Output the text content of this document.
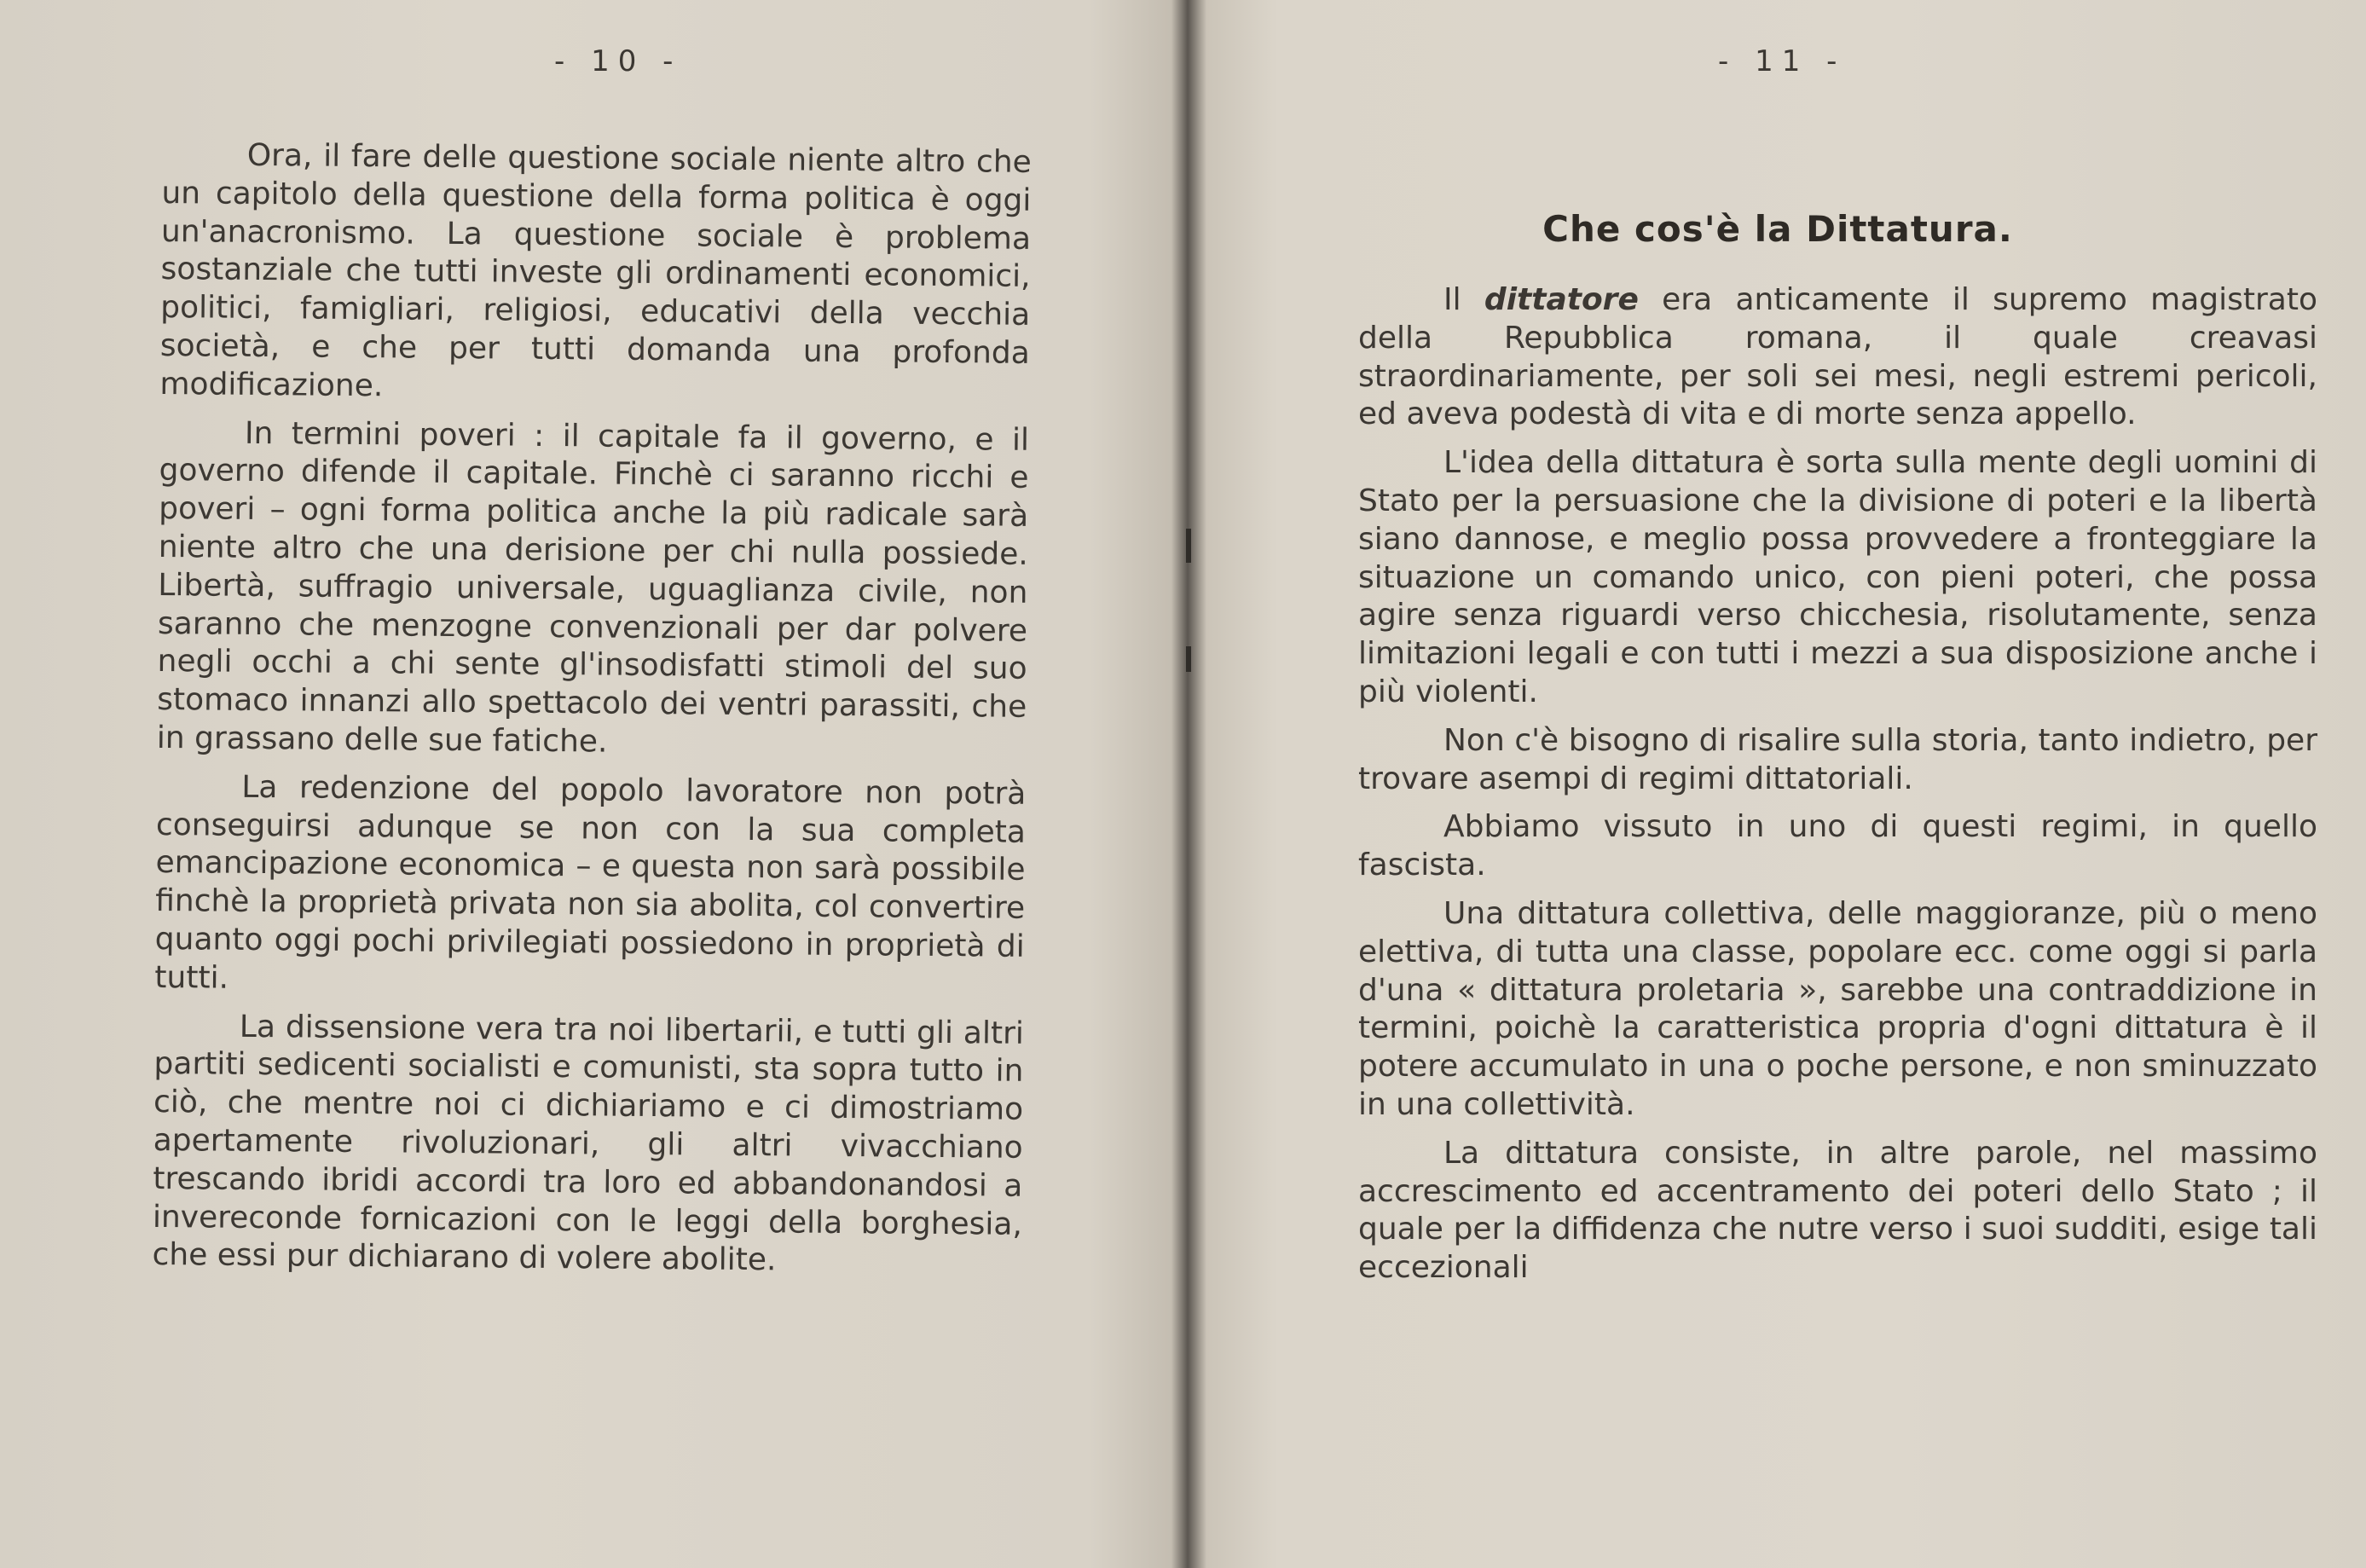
- 10 -

Ora, il fare delle questione sociale niente altro che un capitolo della questione della forma politica è oggi un'anacronismo. La questione sociale è problema sostanziale che tutti investe gli ordinamenti economici, politici, famigliari, religiosi, educativi della vecchia società, e che per tutti domanda una profonda modificazione.

In termini poveri : il capitale fa il governo, e il governo difende il capitale. Finchè ci saranno ricchi e poveri – ogni forma politica anche la più radicale sarà niente altro che una derisione per chi nulla possiede. Libertà, suffragio universale, uguaglianza civile, non saranno che menzogne convenzionali per dar polvere negli occhi a chi sente gl'insodisfatti stimoli del suo stomaco innanzi allo spettacolo dei ventri parassiti, che in grassano delle sue fatiche.

La redenzione del popolo lavoratore non potrà conseguirsi adunque se non con la sua completa emancipazione economica – e questa non sarà possibile finchè la proprietà privata non sia abolita, col convertire quanto oggi pochi privilegiati possiedono in proprietà di tutti.

La dissensione vera tra noi libertarii, e tutti gli altri partiti sedicenti socialisti e comunisti, sta sopra tutto in ciò, che mentre noi ci dichiariamo e ci dimostriamo apertamente rivoluzionari, gli altri vivacchiano trescando ibridi accordi tra loro ed abbandonandosi a invereconde fornicazioni con le leggi della borghesia, che essi pur dichiarano di volere abolite.

- 11 -
Che cos'è la Dittatura.

Il dittatore era anticamente il supremo magistrato della Repubblica romana, il quale creavasi straordinariamente, per soli sei mesi, negli estremi pericoli, ed aveva podestà di vita e di morte senza appello.

L'idea della dittatura è sorta sulla mente degli uomini di Stato per la persuasione che la divisione di poteri e la libertà siano dannose, e meglio possa provvedere a fronteggiare la situazione un comando unico, con pieni poteri, che possa agire senza riguardi verso chicchesia, risolutamente, senza limitazioni legali e con tutti i mezzi a sua disposizione anche i più violenti.

Non c'è bisogno di risalire sulla storia, tanto indietro, per trovare asempi di regimi dittatoriali.

Abbiamo vissuto in uno di questi regimi, in quello fascista.

Una dittatura collettiva, delle maggioranze, più o meno elettiva, di tutta una classe, popolare ecc. come oggi si parla d'una « dittatura proletaria », sarebbe una contraddizione in termini, poichè la caratteristica propria d'ogni dittatura è il potere accumulato in una o poche persone, e non sminuzzato in una collettività.

La dittatura consiste, in altre parole, nel massimo accrescimento ed accentramento dei poteri dello Stato ; il quale per la diffidenza che nutre verso i suoi sudditi, esige tali eccezionali
